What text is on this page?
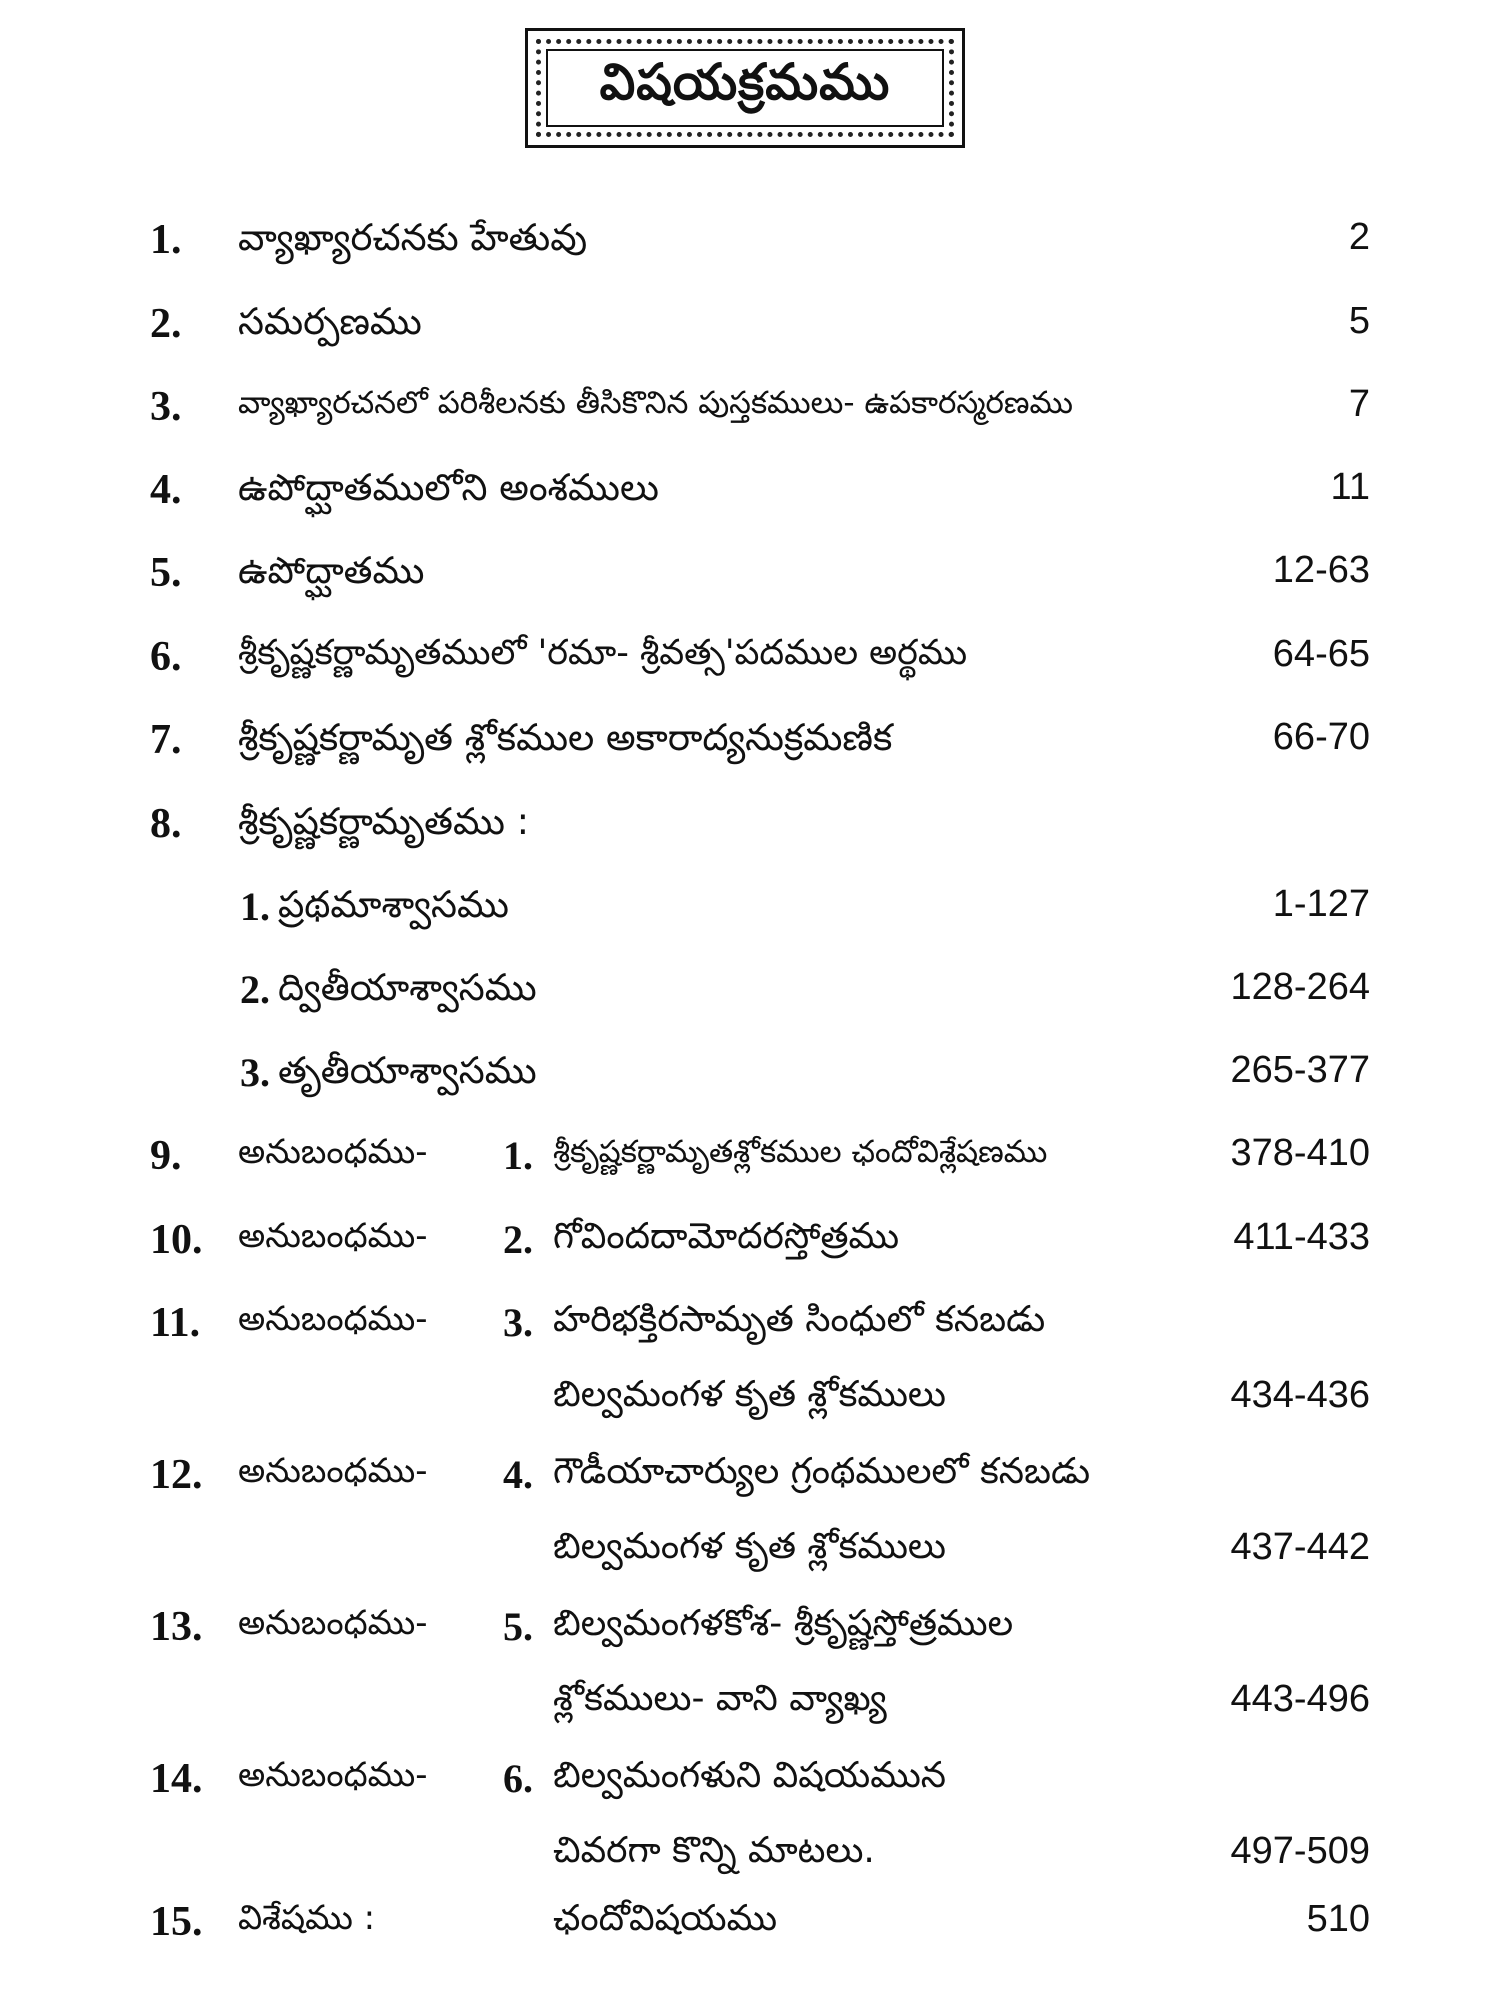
విషయక్రమము
1. వ్యాఖ్యారచనకు హేతువు	2
2. సమర్పణము	5
3. వ్యాఖ్యారచనలో పరిశీలనకు తీసికొనిన పుస్తకములు- ఉపకారస్మరణము	7
4. ఉపోద్ఘాతములోని అంశములు	11
5. ఉపోద్ఘాతము	12-63
6. శ్రీకృష్ణకర్ణామృతములో 'రమా- శ్రీవత్స'పదముల అర్థము	64-65
7. శ్రీకృష్ణకర్ణామృత శ్లోకముల అకారాద్యనుక్రమణిక	66-70
8. శ్రీకృష్ణకర్ణామృతము :
1. ప్రథమాశ్వాసము	1-127
2. ద్వితీయాశ్వాసము	128-264
3. తృతీయాశ్వాసము	265-377
9. అనుబంధము- 1. శ్రీకృష్ణకర్ణామృతశ్లోకముల ఛందోవిశ్లేషణము	378-410
10. అనుబంధము- 2. గోవిందదామోదరస్తోత్రము	411-433
11. అనుబంధము- 3. హరిభక్తిరసామృత సింధులో కనబడు
బిల్వమంగళ కృత శ్లోకములు	434-436
12. అనుబంధము- 4. గౌడీయాచార్యుల గ్రంథములలో కనబడు
బిల్వమంగళ కృత శ్లోకములు	437-442
13. అనుబంధము- 5. బిల్వమంగళకోశ- శ్రీకృష్ణస్తోత్రముల
శ్లోకములు- వాని వ్యాఖ్య	443-496
14. అనుబంధము- 6. బిల్వమంగళుని విషయమున
చివరగా కొన్ని మాటలు.	497-509
15. విశేషము :	ఛందోవిషయము	510
